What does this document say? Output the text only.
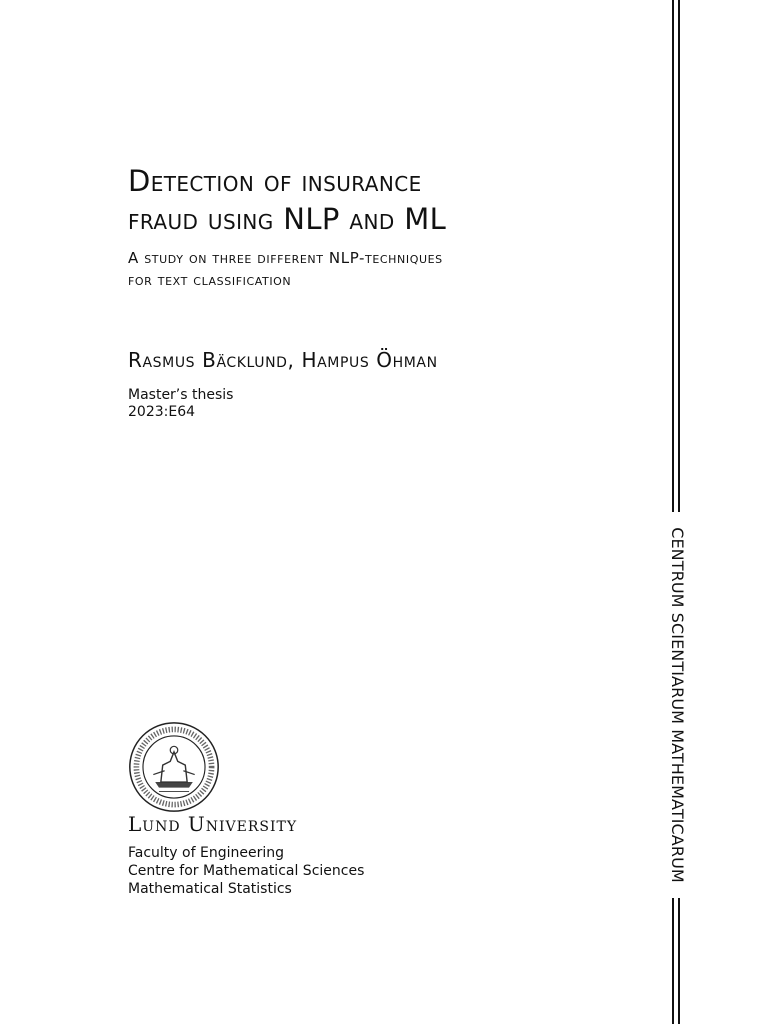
Detection of insurance
fraud using NLP and ML
A study on three different NLP-techniques
for text classification
Rasmus Bäcklund, Hampus Öhman
Master’s thesis
2023:E64
Lund University
Faculty of Engineering
Centre for Mathematical Sciences
Mathematical Statistics
CENTRUM SCIENTIARUM MATHEMATICARUM
